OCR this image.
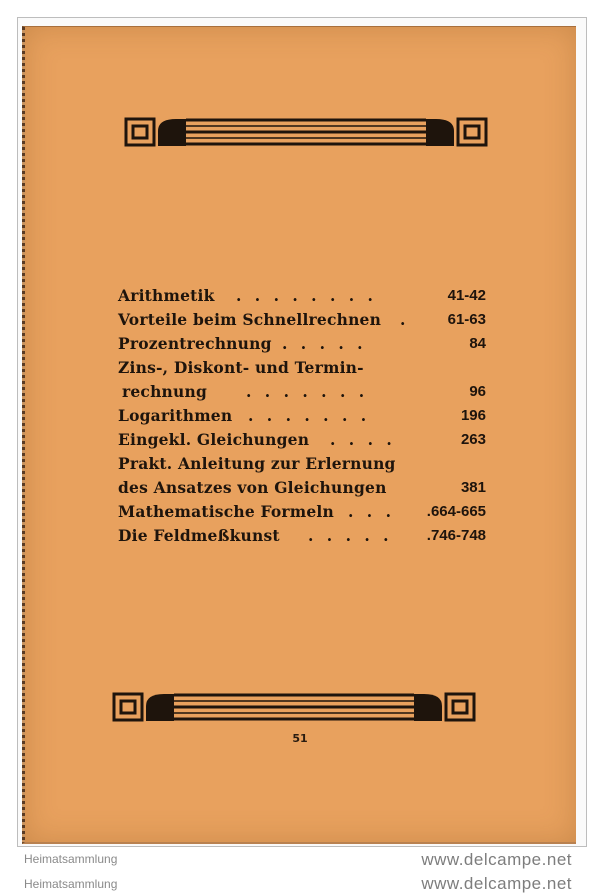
Arithmetik . . . . . . . .	41-42
Vorteile beim Schnellrechnen .	61-63
Prozentrechnung . . . . .	84
Zins-, Diskont- und Termin-
rechnung	. . . . . . .	96
Logarithmen . . . . . . .	196
Eingekl. Gleichungen . . . .	263
Prakt. Anleitung zur Erlernung
des Ansatzes von Gleichungen	381
Mathematische Formeln . . . .664-665
Die Feldmeßkunst . . . . . .746-748
51
Heimatsammlung	www.delcampe.net
Heimatsammlung	www.delcampe.net
